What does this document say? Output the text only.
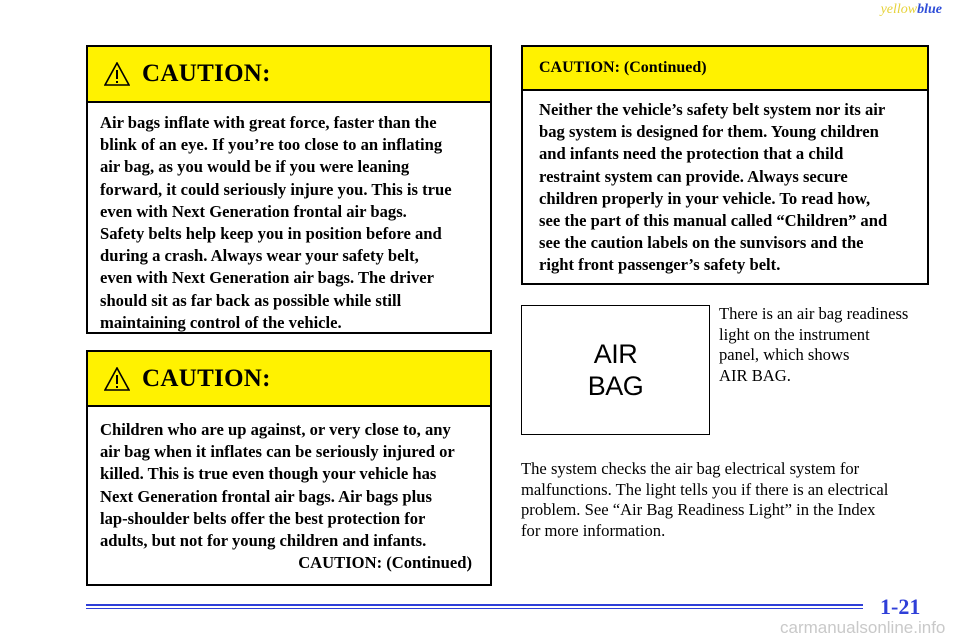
yellowblue
CAUTION:
Air bags inflate with great force, faster than the
blink of an eye. If you’re too close to an inflating
air bag, as you would be if you were leaning
forward, it could seriously injure you. This is true
even with Next Generation frontal air bags.
Safety belts help keep you in position before and
during a crash. Always wear your safety belt,
even with Next Generation air bags. The driver
should sit as far back as possible while still
maintaining control of the vehicle.
CAUTION:
Children who are up against, or very close to, any
air bag when it inflates can be seriously injured or
killed. This is true even though your vehicle has
Next Generation frontal air bags. Air bags plus
lap-shoulder belts offer the best protection for
adults, but not for young children and infants.
CAUTION: (Continued)
CAUTION: (Continued)
Neither the vehicle’s safety belt system nor its air
bag system is designed for them. Young children
and infants need the protection that a child
restraint system can provide. Always secure
children properly in your vehicle. To read how,
see the part of this manual called “Children” and
see the caution labels on the sunvisors and the
right front passenger’s safety belt.
AIR
BAG
There is an air bag readiness
light on the instrument
panel, which shows
AIR BAG.
The system checks the air bag electrical system for
malfunctions. The light tells you if there is an electrical
problem. See “Air Bag Readiness Light” in the Index
for more information.
1-21
carmanualsonline.info
